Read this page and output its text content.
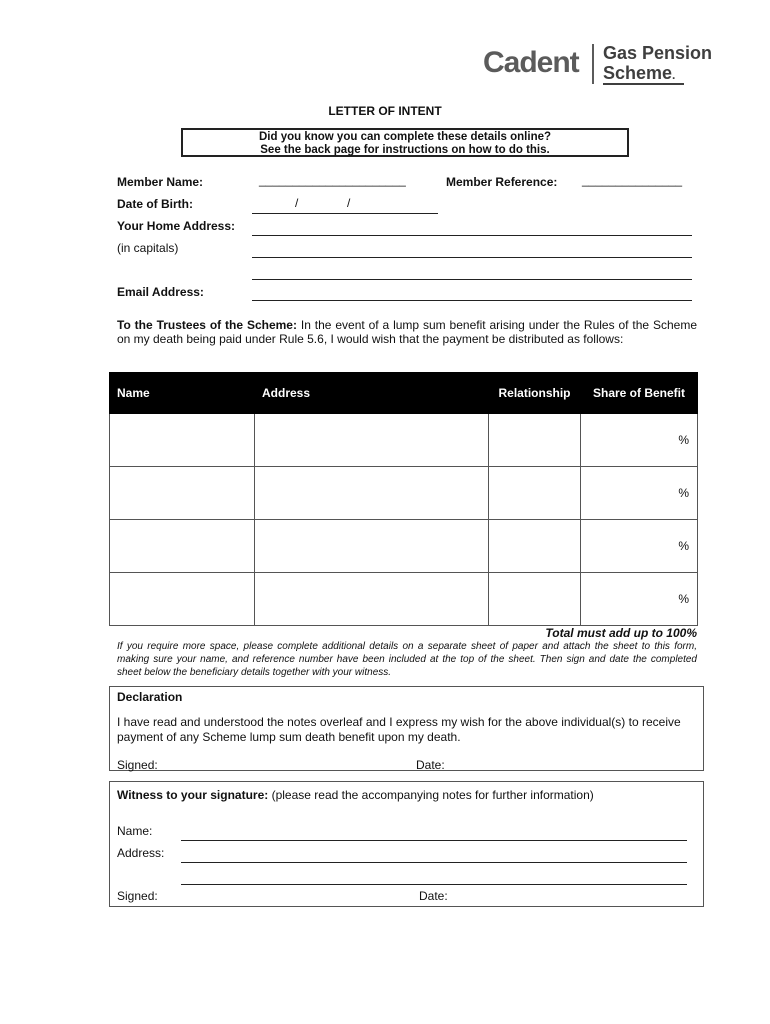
Cadent Gas Pension
Scheme.
LETTER OF INTENT
Did you know you can complete these details online?
See the back page for instructions on how to do this.
Member Name:	______________________	Member Reference: _______________
Date of Birth:	/	/
Your Home Address:
(in capitals)
Email Address:
To the Trustees of the Scheme: In the event of a lump sum benefit arising under the Rules of the Scheme on my death being paid under Rule 5.6, I would wish that the payment be distributed as follows:
Name	Address	Relationship	Share of Benefit
			%
			%
			%
			%
Total must add up to 100%
If you require more space, please complete additional details on a separate sheet of paper and attach the sheet to this form, making sure your name, and reference number have been included at the top of the sheet. Then sign and date the completed sheet below the beneficiary details together with your witness.
Declaration
I have read and understood the notes overleaf and I express my wish for the above individual(s) to receive payment of any Scheme lump sum death benefit upon my death.
Signed:	Date:
Witness to your signature: (please read the accompanying notes for further information)
Name:
Address:
Signed:	Date:
